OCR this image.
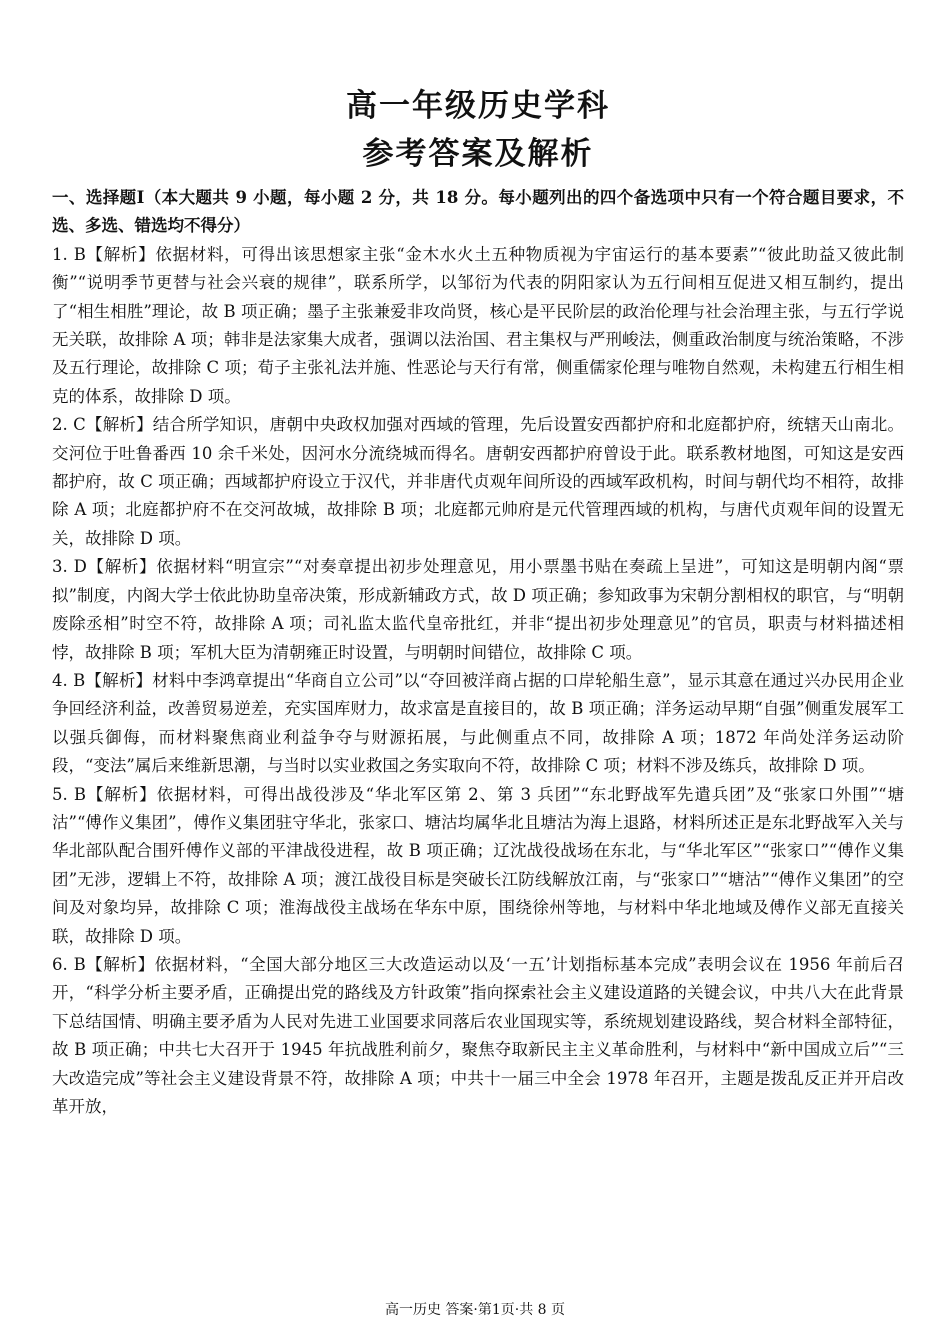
高一年级历史学科
参考答案及解析
一、选择题Ⅰ（本大题共 9 小题，每小题 2 分，共 18 分。每小题列出的四个备选项中只有一个符合题目要求，不选、多选、错选均不得分）

1. B【解析】依据材料，可得出该思想家主张“金木水火土五种物质视为宇宙运行的基本要素”“彼此助益又彼此制衡”“说明季节更替与社会兴衰的规律”，联系所学，以邹衍为代表的阴阳家认为五行间相互促进又相互制约，提出了“相生相胜”理论，故 B 项正确；墨子主张兼爱非攻尚贤，核心是平民阶层的政治伦理与社会治理主张，与五行学说无关联，故排除 A 项；韩非是法家集大成者，强调以法治国、君主集权与严刑峻法，侧重政治制度与统治策略，不涉及五行理论，故排除 C 项；荀子主张礼法并施、性恶论与天行有常，侧重儒家伦理与唯物自然观，未构建五行相生相克的体系，故排除 D 项。

2. C【解析】结合所学知识，唐朝中央政权加强对西域的管理，先后设置安西都护府和北庭都护府，统辖天山南北。交河位于吐鲁番西 10 余千米处，因河水分流绕城而得名。唐朝安西都护府曾设于此。联系教材地图，可知这是安西都护府，故 C 项正确；西域都护府设立于汉代，并非唐代贞观年间所设的西域军政机构，时间与朝代均不相符，故排除 A 项；北庭都护府不在交河故城，故排除 B 项；北庭都元帅府是元代管理西域的机构，与唐代贞观年间的设置无关，故排除 D 项。

3. D【解析】依据材料“明宣宗”“对奏章提出初步处理意见，用小票墨书贴在奏疏上呈进”，可知这是明朝内阁“票拟”制度，内阁大学士依此协助皇帝决策，形成新辅政方式，故 D 项正确；参知政事为宋朝分割相权的职官，与“明朝废除丞相”时空不符，故排除 A 项；司礼监太监代皇帝批红，并非“提出初步处理意见”的官员，职责与材料描述相悖，故排除 B 项；军机大臣为清朝雍正时设置，与明朝时间错位，故排除 C 项。

4. B【解析】材料中李鸿章提出“华商自立公司”以“夺回被洋商占据的口岸轮船生意”，显示其意在通过兴办民用企业争回经济利益，改善贸易逆差，充实国库财力，故求富是直接目的，故 B 项正确；洋务运动早期“自强”侧重发展军工以强兵御侮，而材料聚焦商业利益争夺与财源拓展，与此侧重点不同，故排除 A 项；1872 年尚处洋务运动阶段，“变法”属后来维新思潮，与当时以实业救国之务实取向不符，故排除 C 项；材料不涉及练兵，故排除 D 项。

5. B【解析】依据材料，可得出战役涉及“华北军区第 2、第 3 兵团”“东北野战军先遣兵团”及“张家口外围”“塘沽”“傅作义集团”，傅作义集团驻守华北，张家口、塘沽均属华北且塘沽为海上退路，材料所述正是东北野战军入关与华北部队配合围歼傅作义部的平津战役进程，故 B 项正确；辽沈战役战场在东北，与“华北军区”“张家口”“傅作义集团”无涉，逻辑上不符，故排除 A 项；渡江战役目标是突破长江防线解放江南，与“张家口”“塘沽”“傅作义集团”的空间及对象均异，故排除 C 项；淮海战役主战场在华东中原，围绕徐州等地，与材料中华北地域及傅作义部无直接关联，故排除 D 项。

6. B【解析】依据材料，“全国大部分地区三大改造运动以及‘一五’计划指标基本完成”表明会议在 1956 年前后召开，“科学分析主要矛盾，正确提出党的路线及方针政策”指向探索社会主义建设道路的关键会议，中共八大在此背景下总结国情、明确主要矛盾为人民对先进工业国要求同落后农业国现实等，系统规划建设路线，契合材料全部特征，故 B 项正确；中共七大召开于 1945 年抗战胜利前夕，聚焦夺取新民主主义革命胜利，与材料中“新中国成立后”“三大改造完成”等社会主义建设背景不符，故排除 A 项；中共十一届三中全会 1978 年召开，主题是拨乱反正并开启改革开放，

高一历史 答案·第1页·共 8 页
